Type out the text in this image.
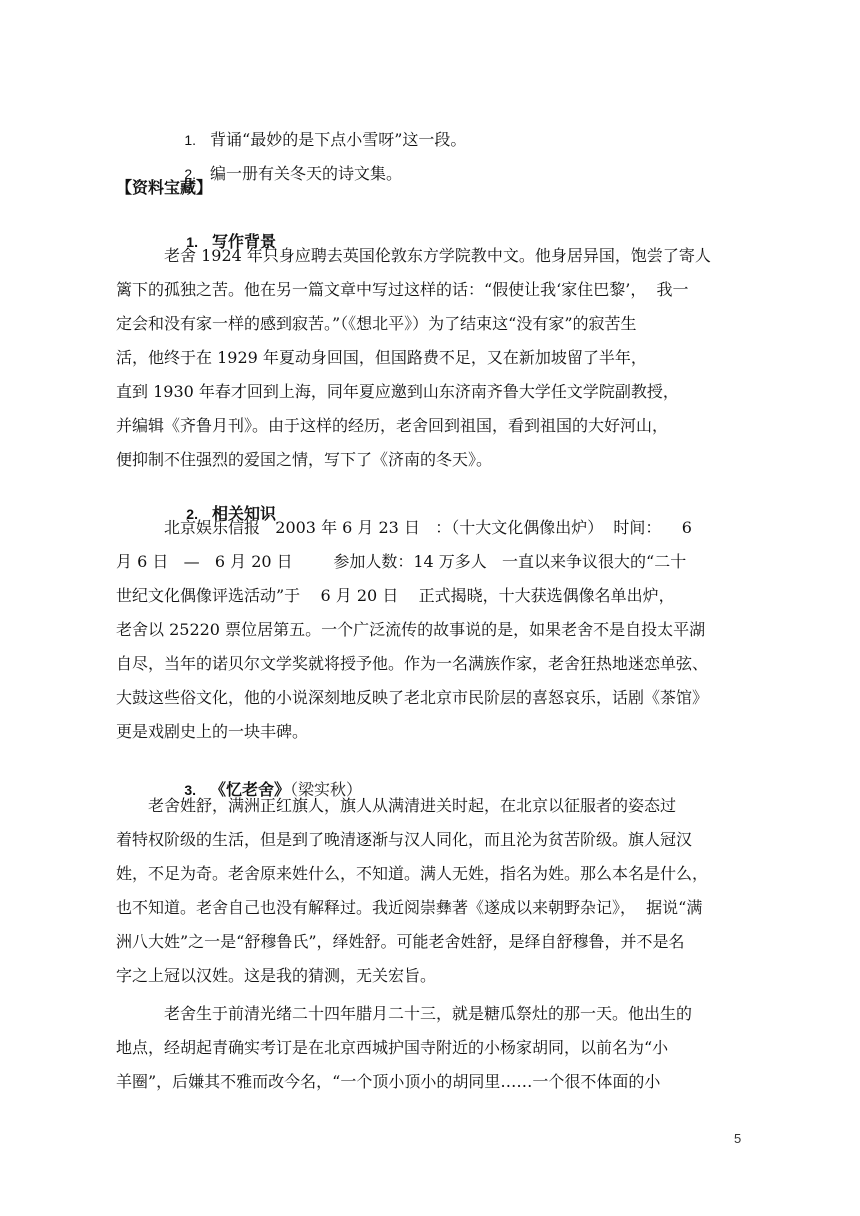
1. 背诵“最妙的是下点小雪呀”这一段。

2. 编一册有关冬天的诗文集。

【资料宝藏】

1. 写作背景

老舍 1924 年只身应聘去英国伦敦东方学院教中文。他身居异国，饱尝了寄人
篱下的孤独之苦。他在另一篇文章中写过这样的话：“假使让我‘家住巴黎’，  我一
定会和没有家一样的感到寂苦。”（《想北平》）为了结束这“没有家”的寂苦生
活，他终于在 1929 年夏动身回国，但国路费不足，又在新加坡留了半年，
直到 1930 年春才回到上海，同年夏应邀到山东济南齐鲁大学任文学院副教授，
并编辑《齐鲁月刊》。由于这样的经历，老舍回到祖国，看到祖国的大好河山，
便抑制不住强烈的爱国之情，写下了《济南的冬天》。

2. 相关知识

北京娱乐信报   2003 年 6 月 23 日   ：（十大文化偶像出炉）  时间：    6
月 6 日   —   6 月 20 日        参加人数：14 万多人   一直以来争议很大的“二十
世纪文化偶像评选活动”于    6 月 20 日    正式揭晓，十大获选偶像名单出炉，
老舍以 25220 票位居第五。一个广泛流传的故事说的是，如果老舍不是自投太平湖
自尽，当年的诺贝尔文学奖就将授予他。作为一名满族作家，老舍狂热地迷恋单弦、
大鼓这些俗文化，他的小说深刻地反映了老北京市民阶层的喜怒哀乐，话剧《茶馆》
更是戏剧史上的一块丰碑。

3. 《忆老舍》（梁实秋）

老舍姓舒，满洲正红旗人，旗人从满清进关时起，在北京以征服者的姿态过
着特权阶级的生活，但是到了晚清逐渐与汉人同化，而且沦为贫苦阶级。旗人冠汉
姓，不足为奇。老舍原来姓什么，不知道。满人无姓，指名为姓。那么本名是什么，
也不知道。老舍自己也没有解释过。我近阅崇彝著《遂成以来朝野杂记》，  据说“满
洲八大姓”之一是“舒穆鲁氏”，绎姓舒。可能老舍姓舒，是绎自舒穆鲁，并不是名
字之上冠以汉姓。这是我的猜测，无关宏旨。
老舍生于前清光绪二十四年腊月二十三，就是糖瓜祭灶的那一天。他出生的
地点，经胡起青确实考订是在北京西城护国寺附近的小杨家胡同，以前名为“小
羊圈”，后嫌其不雅而改今名，“一个顶小顶小的胡同里……一个很不体面的小
5
